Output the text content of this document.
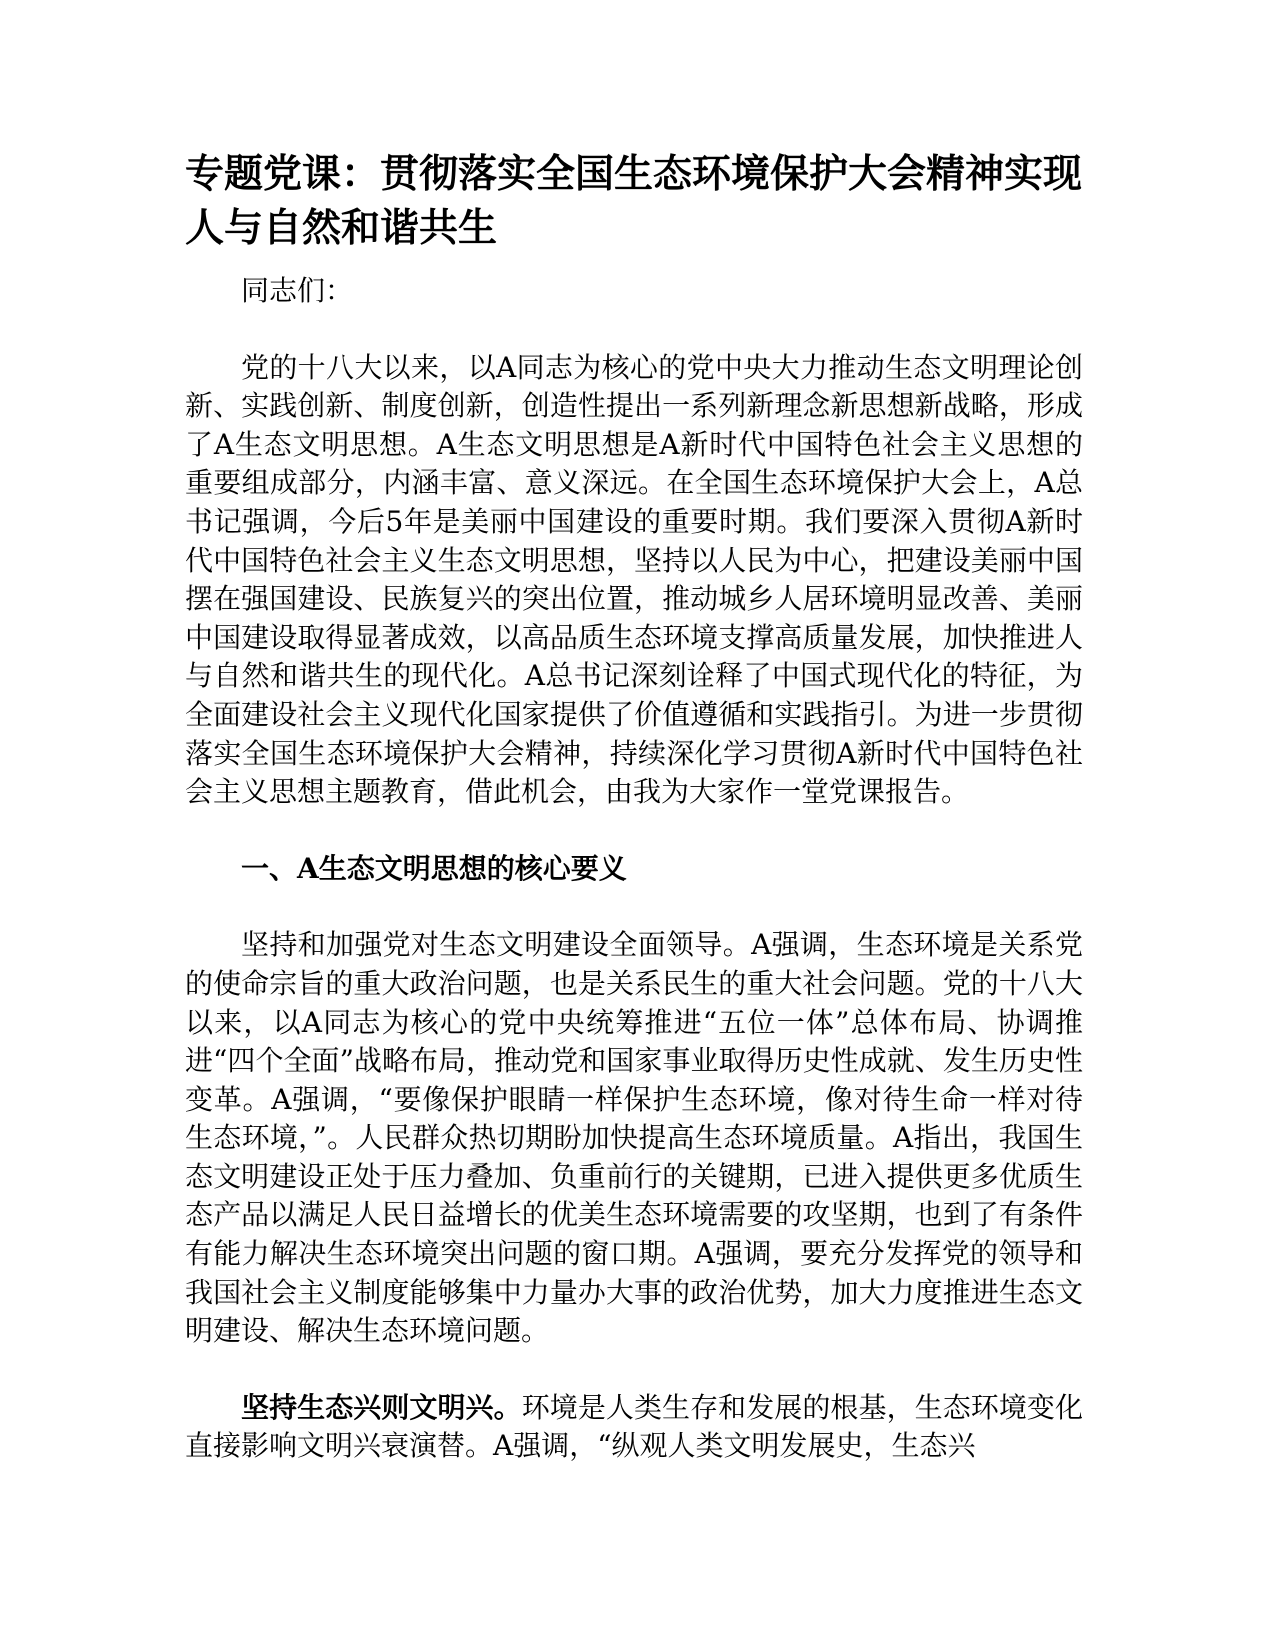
专题党课：贯彻落实全国生态环境保护大会精神实现人与自然和谐共生

同志们：

党的十八大以来，以A同志为核心的党中央大力推动生态文明理论创新、实践创新、制度创新，创造性提出一系列新理念新思想新战略，形成了A生态文明思想。A生态文明思想是A新时代中国特色社会主义思想的重要组成部分，内涵丰富、意义深远。在全国生态环境保护大会上，A总书记强调，今后5年是美丽中国建设的重要时期。我们要深入贯彻A新时代中国特色社会主义生态文明思想，坚持以人民为中心，把建设美丽中国摆在强国建设、民族复兴的突出位置，推动城乡人居环境明显改善、美丽中国建设取得显著成效，以高品质生态环境支撑高质量发展，加快推进人与自然和谐共生的现代化。A总书记深刻诠释了中国式现代化的特征，为全面建设社会主义现代化国家提供了价值遵循和实践指引。为进一步贯彻落实全国生态环境保护大会精神，持续深化学习贯彻A新时代中国特色社会主义思想主题教育，借此机会，由我为大家作一堂党课报告。

一、A生态文明思想的核心要义

坚持和加强党对生态文明建设全面领导。A强调，生态环境是关系党的使命宗旨的重大政治问题，也是关系民生的重大社会问题。党的十八大以来，以A同志为核心的党中央统筹推进“五位一体”总体布局、协调推进“四个全面”战略布局，推动党和国家事业取得历史性成就、发生历史性变革。A强调，“要像保护眼睛一样保护生态环境，像对待生命一样对待生态环境，”。人民群众热切期盼加快提高生态环境质量。A指出，我国生态文明建设正处于压力叠加、负重前行的关键期，已进入提供更多优质生态产品以满足人民日益增长的优美生态环境需要的攻坚期，也到了有条件有能力解决生态环境突出问题的窗口期。A强调，要充分发挥党的领导和我国社会主义制度能够集中力量办大事的政治优势，加大力度推进生态文明建设、解决生态环境问题。

坚持生态兴则文明兴。环境是人类生存和发展的根基，生态环境变化直接影响文明兴衰演替。A强调，“纵观人类文明发展史，生态兴
